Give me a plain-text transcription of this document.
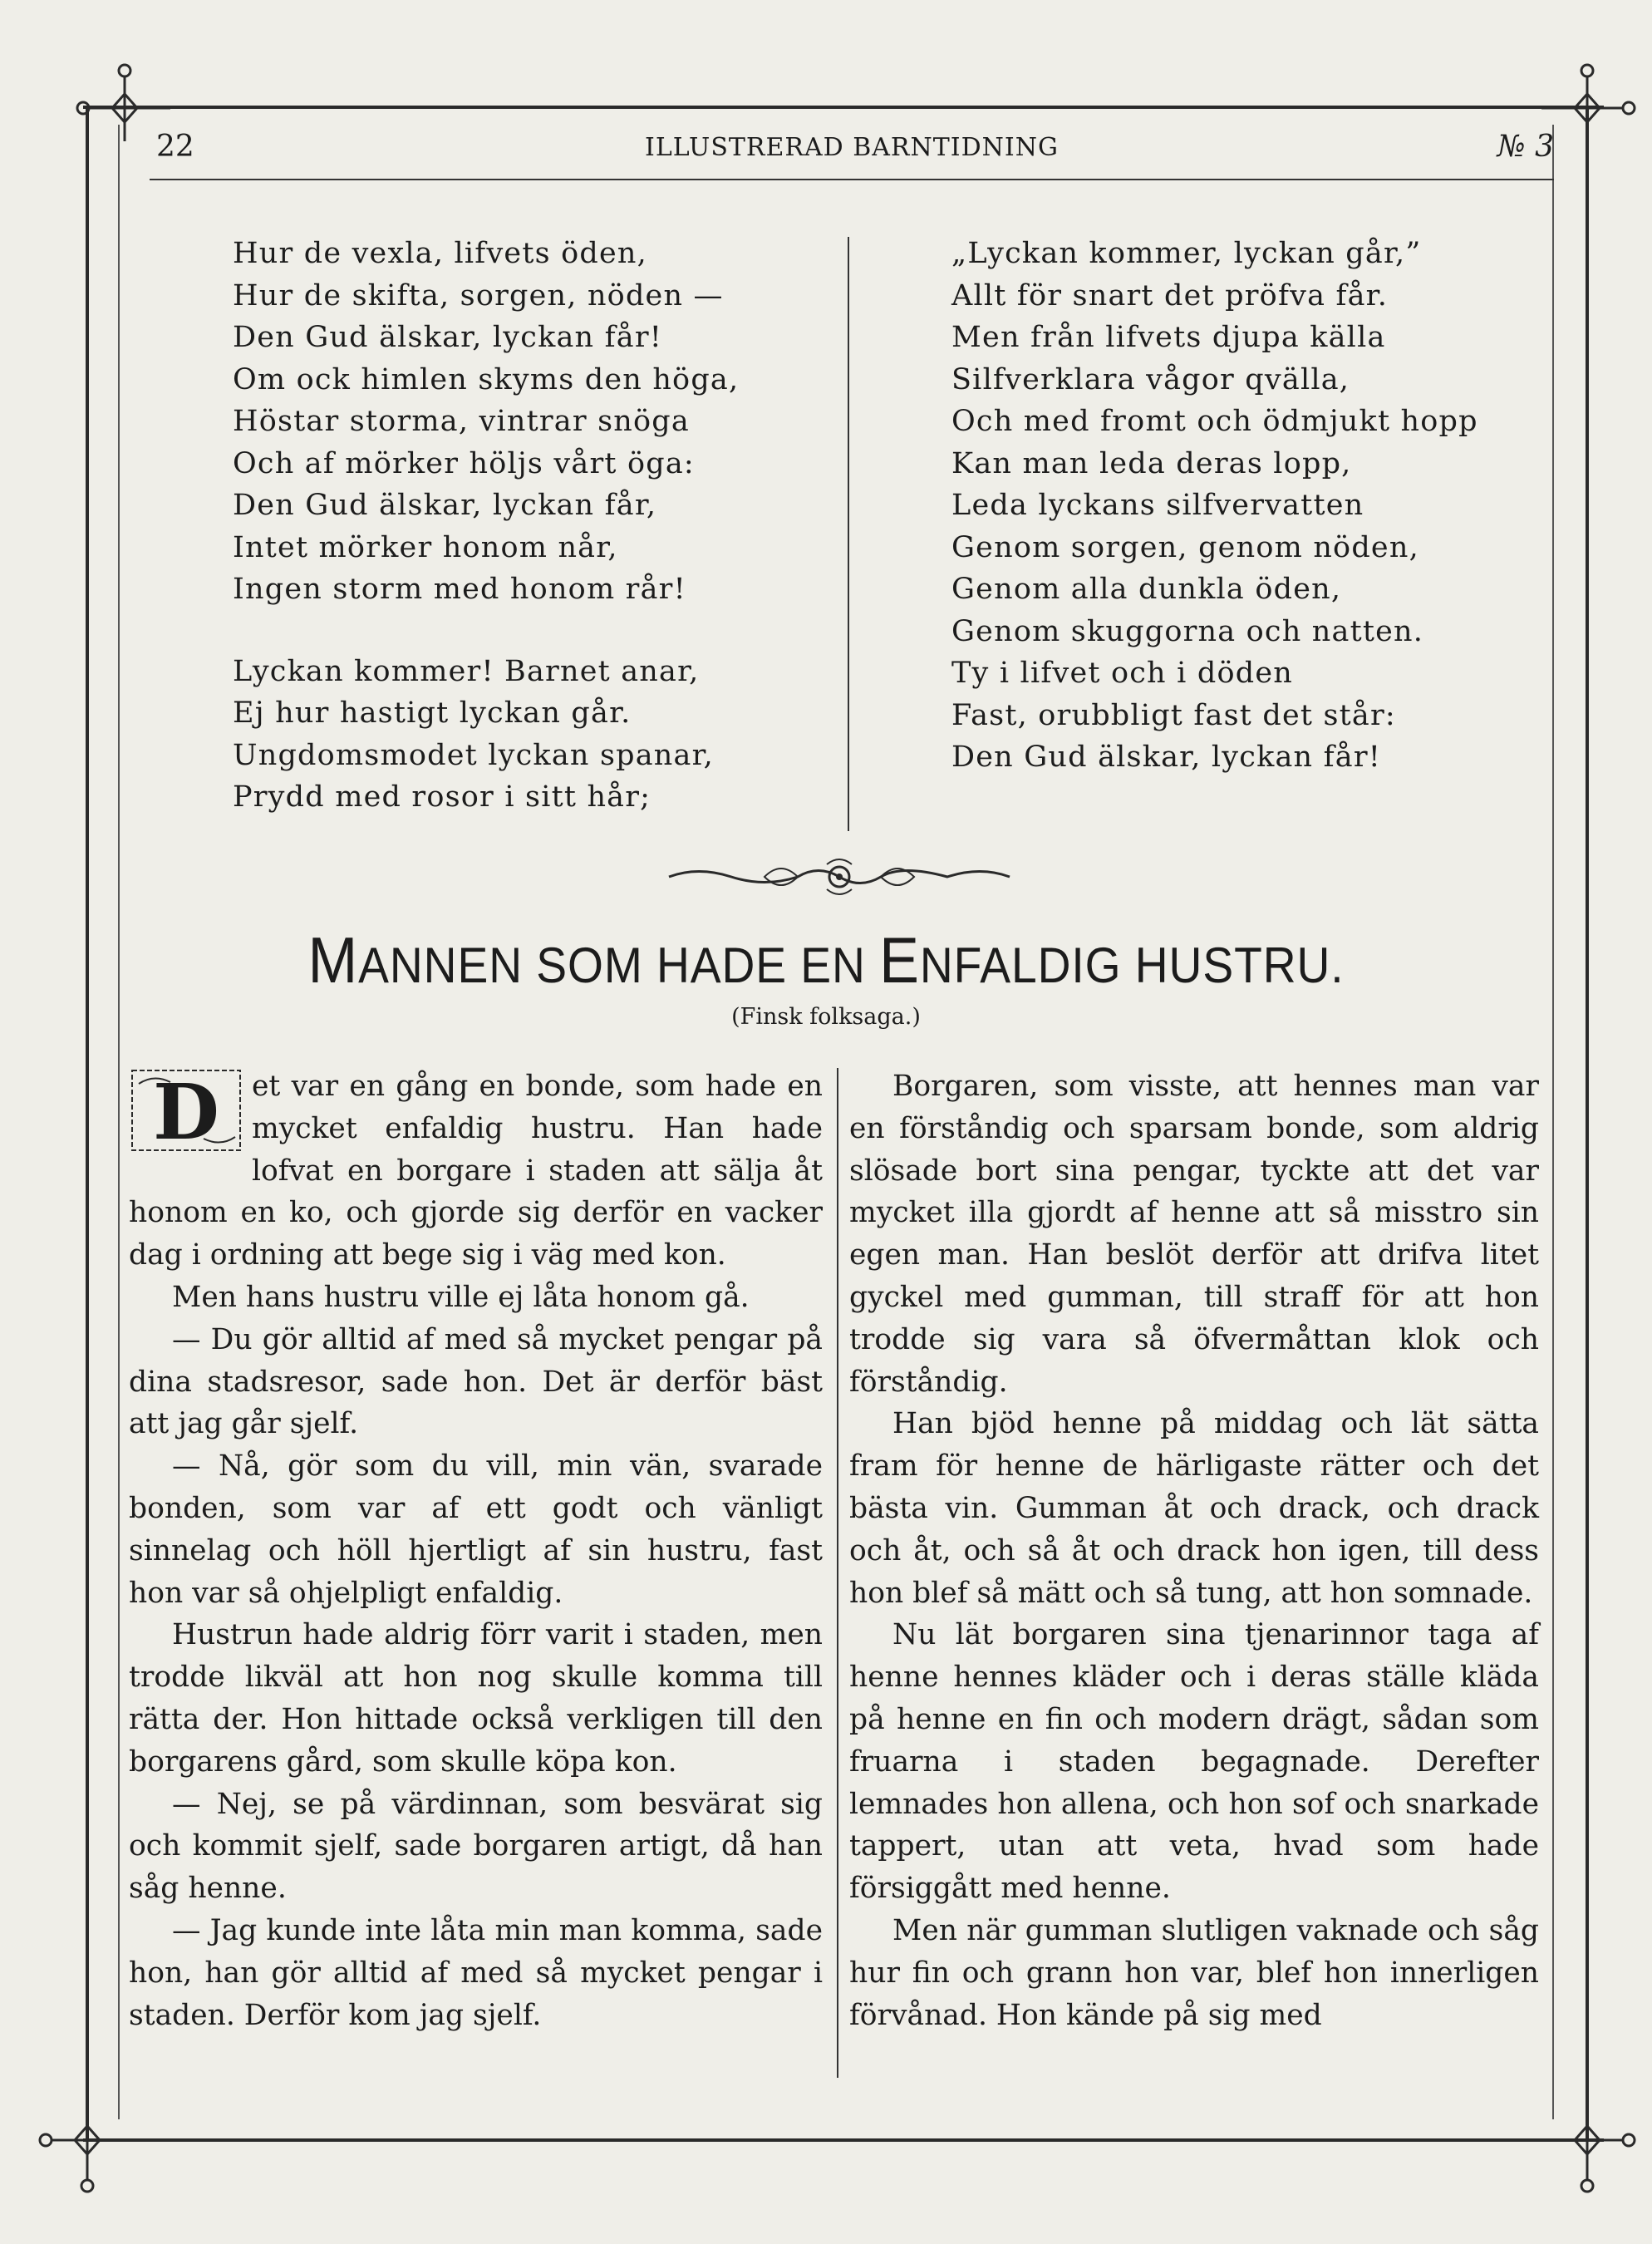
22	ILLUSTRERAD BARNTIDNING	№ 3
Hur de vexla, lifvets öden,
Hur de skifta, sorgen, nöden —
Den Gud älskar, lyckan får!
Om ock himlen skyms den höga,
Höstar storma, vintrar snöga
Och af mörker höljs vårt öga:
Den Gud älskar, lyckan får,
Intet mörker honom når,
Ingen storm med honom rår!
Lyckan kommer! Barnet anar,
Ej hur hastigt lyckan går.
Ungdomsmodet lyckan spanar,
Prydd med rosor i sitt hår;
„Lyckan kommer, lyckan går,”
Allt för snart det pröfva får.
Men från lifvets djupa källa
Silfverklara vågor qvälla,
Och med fromt och ödmjukt hopp
Kan man leda deras lopp,
Leda lyckans silfvervatten
Genom sorgen, genom nöden,
Genom alla dunkla öden,
Genom skuggorna och natten.
Ty i lifvet och i döden
Fast, orubbligt fast det står:
Den Gud älskar, lyckan får!
MANNEN SOM HADE EN ENFALDIG HUSTRU.
(Finsk folksaga.)

D et var en gång en bonde, som hade en mycket enfaldig hustru. Han hade lofvat en borgare i staden att sälja åt honom en ko, och gjorde sig derför en vacker dag i ordning att bege sig i väg med kon.

Men hans hustru ville ej låta honom gå.

— Du gör alltid af med så mycket pengar på dina stadsresor, sade hon. Det är derför bäst att jag går sjelf.

— Nå, gör som du vill, min vän, svarade bonden, som var af ett godt och vänligt sinnelag och höll hjertligt af sin hustru, fast hon var så ohjelpligt enfaldig.

Hustrun hade aldrig förr varit i staden, men trodde likväl att hon nog skulle komma till rätta der. Hon hittade också verkligen till den borgarens gård, som skulle köpa kon.

— Nej, se på värdinnan, som besvärat sig och kommit sjelf, sade borgaren artigt, då han såg henne.

— Jag kunde inte låta min man komma, sade hon, han gör alltid af med så mycket pengar i staden. Derför kom jag sjelf.

Borgaren, som visste, att hennes man var en förståndig och sparsam bonde, som aldrig slösade bort sina pengar, tyckte att det var mycket illa gjordt af henne att så misstro sin egen man. Han beslöt derför att drifva litet gyckel med gumman, till straff för att hon trodde sig vara så öfvermåttan klok och förståndig.

Han bjöd henne på middag och lät sätta fram för henne de härligaste rätter och det bästa vin. Gumman åt och drack, och drack och åt, och så åt och drack hon igen, till dess hon blef så mätt och så tung, att hon somnade.

Nu lät borgaren sina tjenarinnor taga af henne hennes kläder och i deras ställe kläda på henne en fin och modern drägt, sådan som fruarna i staden begagnade. Derefter lemnades hon allena, och hon sof och snarkade tappert, utan att veta, hvad som hade försiggått med henne.

Men när gumman slutligen vaknade och såg hur fin och grann hon var, blef hon innerligen förvånad. Hon kände på sig med
